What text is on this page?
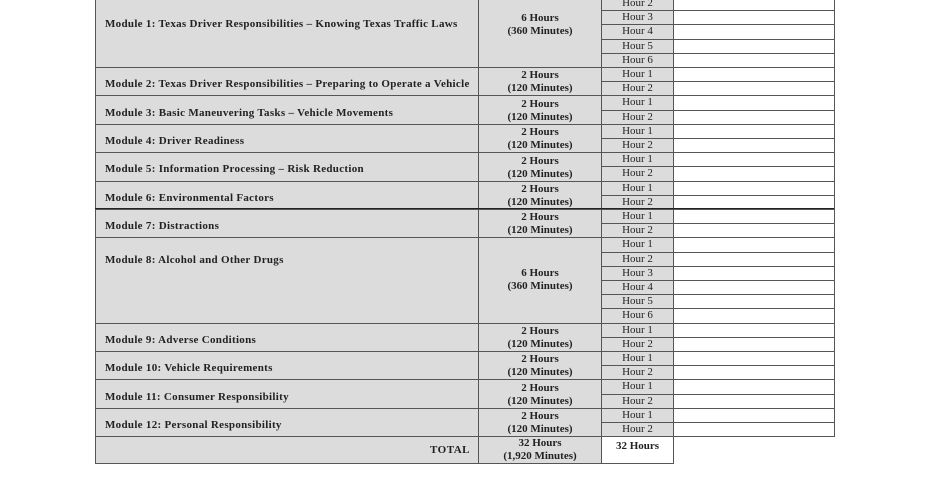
Module 1: Texas Driver Responsibilities – Knowing Texas Traffic Laws
6 Hours
(360 Minutes)
Hour 2
Hour 3
Hour 4
Hour 5
Hour 6
Module 2: Texas Driver Responsibilities – Preparing to Operate a Vehicle
2 Hours
(120 Minutes)
Hour 1
Hour 2
Module 3: Basic Maneuvering Tasks – Vehicle Movements
2 Hours
(120 Minutes)
Hour 1
Hour 2
Module 4: Driver Readiness
2 Hours
(120 Minutes)
Hour 1
Hour 2
Module 5: Information Processing – Risk Reduction
2 Hours
(120 Minutes)
Hour 1
Hour 2
Module 6: Environmental Factors
2 Hours
(120 Minutes)
Hour 1
Hour 2
Module 7: Distractions
2 Hours
(120 Minutes)
Hour 1
Hour 2
Module 8: Alcohol and Other Drugs
6 Hours
(360 Minutes)
Hour 1
Hour 2
Hour 3
Hour 4
Hour 5
Hour 6
Module 9: Adverse Conditions
2 Hours
(120 Minutes)
Hour 1
Hour 2
Module 10: Vehicle Requirements
2 Hours
(120 Minutes)
Hour 1
Hour 2
Module 11: Consumer Responsibility
2 Hours
(120 Minutes)
Hour 1
Hour 2
Module 12: Personal Responsibility
2 Hours
(120 Minutes)
Hour 1
Hour 2
TOTAL
32 Hours
(1,920 Minutes)
32 Hours
